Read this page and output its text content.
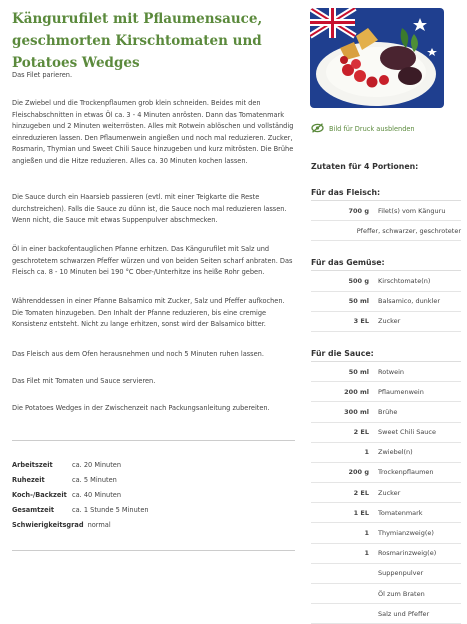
Kängurufilet mit Pflaumensauce, geschmorten Kirschtomaten und Potatoes Wedges

Das Filet parieren.

Die Zwiebel und die Trockenpflaumen grob klein schneiden. Beides mit den Fleischabschnitten in etwas Öl ca. 3 - 4 Minuten anrösten. Dann das Tomatenmark hinzugeben und 2 Minuten weiterrösten. Alles mit Rotwein ablöschen und vollständig einreduzieren lassen. Den Pflaumenwein angießen und noch mal reduzieren. Zucker, Rosmarin, Thymian und Sweet Chili Sauce hinzugeben und kurz mitrösten. Die Brühe angießen und die Hitze reduzieren. Alles ca. 30 Minuten kochen lassen.

Die Sauce durch ein Haarsieb passieren (evtl. mit einer Teigkarte die Reste durchstreichen). Falls die Sauce zu dünn ist, die Sauce noch mal reduzieren lassen. Wenn nicht, die Sauce mit etwas Suppenpulver abschmecken.

Öl in einer backofentauglichen Pfanne erhitzen. Das Kängurufilet mit Salz und geschrotetem schwarzen Pfeffer würzen und von beiden Seiten scharf anbraten. Das Fleisch ca. 8 - 10 Minuten bei 190 °C Ober-/Unterhitze ins heiße Rohr geben.

Währenddessen in einer Pfanne Balsamico mit Zucker, Salz und Pfeffer aufkochen. Die Tomaten hinzugeben. Den Inhalt der Pfanne reduzieren, bis eine cremige Konsistenz entsteht. Nicht zu lange erhitzen, sonst wird der Balsamico bitter.

Das Fleisch aus dem Ofen herausnehmen und noch 5 Minuten ruhen lassen.

Das Filet mit Tomaten und Sauce servieren.

Die Potatoes Wedges in der Zwischenzeit nach Packungsanleitung zubereiten.

Arbeitszeit	ca. 20 Minuten
Ruhezeit	ca. 5 Minuten
Koch-/Backzeit ca. 40 Minuten
Gesamtzeit	ca. 1 Stunde 5 Minuten
Schwierigkeitsgrad normal
Bild für Druck ausblenden
Zutaten für 4 Portionen:
Für das Fleisch:
700 g	Filet(s) vom Känguru
Pfeffer, schwarzer, geschroteter
Für das Gemüse:
500 g	Kirschtomate(n)
50 ml	Balsamico, dunkler
3 EL	Zucker
Für die Sauce:
50 ml	Rotwein
200 ml	Pflaumenwein
300 ml	Brühe
2 EL	Sweet Chili Sauce
1	Zwiebel(n)
200 g	Trockenpflaumen
2 EL	Zucker
1 EL	Tomatenmark
1	Thymianzweig(e)
1	Rosmarinzweig(e)
Suppenpulver
Öl zum Braten
Salz und Pfeffer
